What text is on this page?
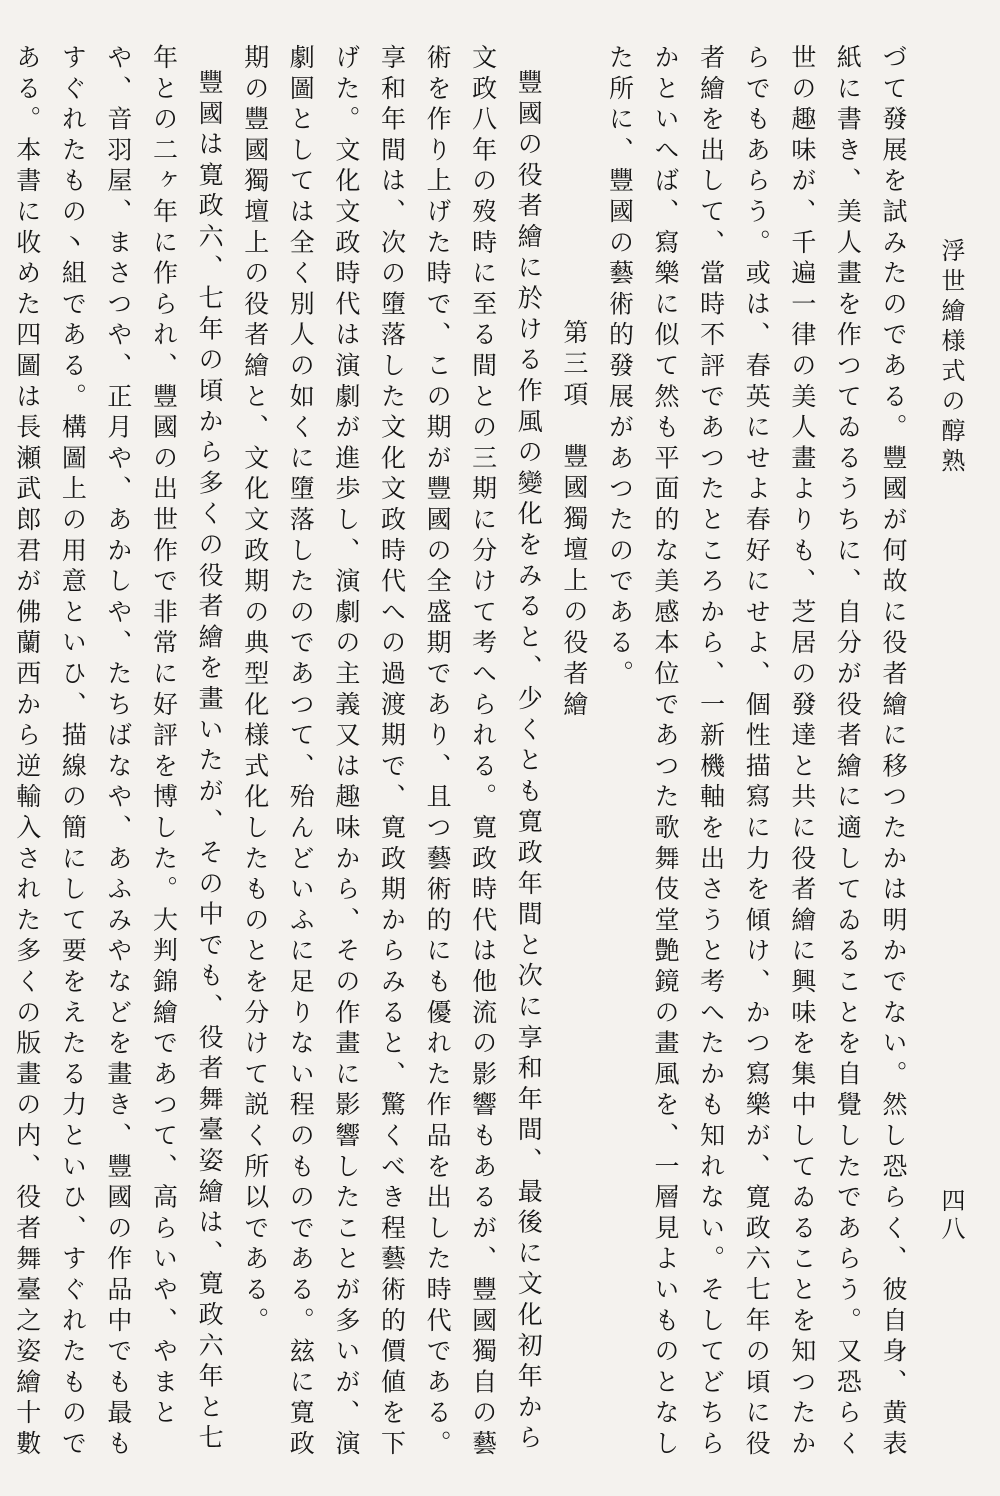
浮世繪様式の醇熟
四八

づて發展を試みたのである。豐國が何故に役者繪に移つたかは明かでない。然し恐らく、彼自身、黄表紙に書き、美人畫を作つてゐるうちに、自分が役者繪に適してゐることを自覺したであらう。又恐らく世の趣味が、千遍一律の美人畫よりも、芝居の發達と共に役者繪に興味を集中してゐることを知つたからでもあらう。或は、春英にせよ春好にせよ、個性描寫に力を傾け、かつ寫樂が、寛政六七年の頃に役者繪を出して、當時不評であつたところから、一新機軸を出さうと考へたかも知れない。そしてどちらかといへば、寫樂に似て然も平面的な美感本位であつた歌舞伎堂艶鏡の畫風を、一層見よいものとなした所に、豐國の藝術的發展があつたのである。

第三項　豐國獨壇上の役者繪

豐國の役者繪に於ける作風の變化をみると、少くとも寛政年間と次に享和年間、最後に文化初年から文政八年の歿時に至る間との三期に分けて考へられる。寛政時代は他流の影響もあるが、豐國獨自の藝術を作り上げた時で、この期が豐國の全盛期であり、且つ藝術的にも優れた作品を出した時代である。享和年間は、次の墮落した文化文政時代への過渡期で、寛政期からみると、驚くべき程藝術的價値を下げた。文化文政時代は演劇が進歩し、演劇の主義又は趣味から、その作畫に影響したことが多いが、演劇圖としては全く別人の如くに墮落したのであつて、殆んどいふに足りない程のものである。玆に寛政期の豐國獨壇上の役者繪と、文化文政期の典型化様式化したものとを分けて説く所以である。

豐國は寛政六、七年の頃から多くの役者繪を畫いたが、その中でも、役者舞臺姿繪は、寛政六年と七年との二ヶ年に作られ、豐國の出世作で非常に好評を博した。大判錦繪であつて、高らいや、やまとや、音羽屋、まさつや、正月や、あかしや、たちばなや、あふみやなどを畫き、豐國の作品中でも最もすぐれたもの丶組である。構圖上の用意といひ、描線の簡にして要をえたる力といひ、すぐれたものである。本書に收めた四圖は長瀬武郎君が佛蘭西から逆輸入された多くの版畫の内、役者舞臺之姿繪十數
